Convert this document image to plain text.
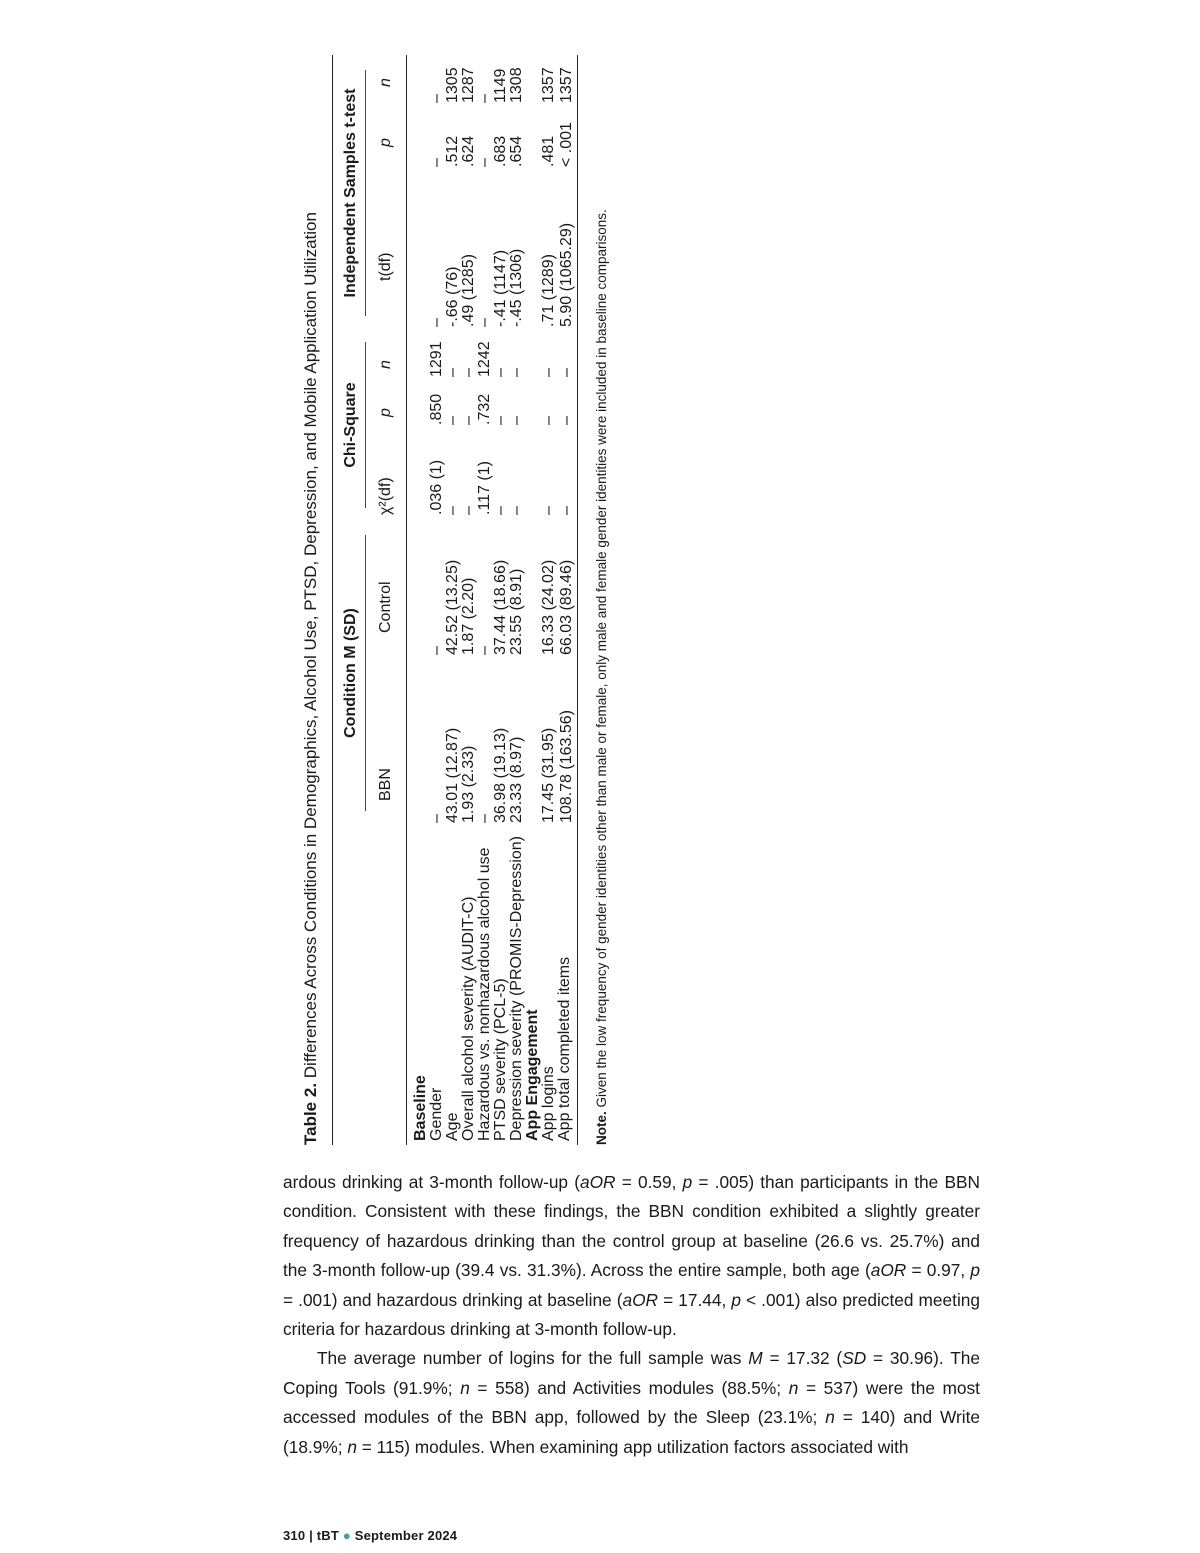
Table 2. Differences Across Conditions in Demographics, Alcohol Use, PTSD, Depression, and Mobile Application Utilization
	Condition M (SD)		Chi-Square			Independent Samples t-test		
	BBN	Control	χ²(df)	p	n	t(df)	p	n
Baseline								
Gender	–	–	.036 (1)	.850	1291	–	–	–
Age	43.01 (12.87)	42.52 (13.25)	–	–	–	-.66 (76)	.512	1305
Overall alcohol severity (AUDIT-C)	1.93 (2.33)	1.87 (2.20)	–	–	–	.49 (1285)	.624	1287
Hazardous vs. nonhazardous alcohol use	–	–	.117 (1)	.732	1242	–	–	–
PTSD severity (PCL-5)	36.98 (19.13)	37.44 (18.66)	–	–	–	-.41 (1147)	.683	1149
Depression severity (PROMIS-Depression)	23.33 (8.97)	23.55 (8.91)	–	–	–	-.45 (1306)	.654	1308
App Engagement								
App logins	17.45 (31.95)	16.33 (24.02)	–	–	–	.71 (1289)	.481	1357
App total completed items	108.78 (163.56)	66.03 (89.46)	–	–	–	5.90 (1065.29)	< .001	1357
Note. Given the low frequency of gender identities other than male or female, only male and female gender identities were included in baseline comparisons.

ardous drinking at 3-month follow-up (aOR = 0.59, p = .005) than participants in the BBN condition. Consistent with these findings, the BBN condition exhibited a slightly greater frequency of hazardous drinking than the control group at baseline (26.6 vs. 25.7%) and the 3-month follow-up (39.4 vs. 31.3%). Across the entire sample, both age (aOR = 0.97, p = .001) and hazardous drinking at baseline (aOR = 17.44, p < .001) also predicted meeting criteria for hazardous drinking at 3-month follow-up.

The average number of logins for the full sample was M = 17.32 (SD = 30.96). The Coping Tools (91.9%; n = 558) and Activities modules (88.5%; n = 537) were the most accessed modules of the BBN app, followed by the Sleep (23.1%; n = 140) and Write (18.9%; n = 115) modules. When examining app utilization factors associated with

310 | tBT ● September 2024
